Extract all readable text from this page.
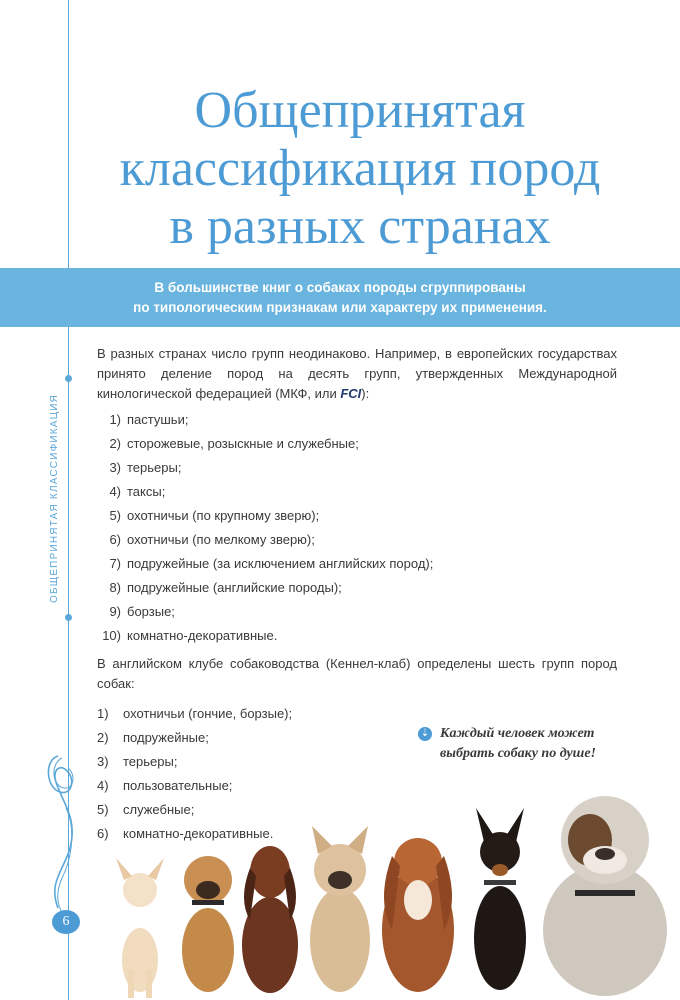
ОБЩЕПРИНЯТАЯ КЛАССИФИКАЦИЯ
Общепринятая
классификация пород
в разных странах
В большинстве книг о собаках породы сгруппированы
по типологическим признакам или характеру их применения.
В разных странах число групп неодинаково. Например, в европейских государствах принято деление пород на десять групп, утвержденных Международной кинологической федерацией (МКФ, или FCI):
1) пастушьи;
2) сторожевые, розыскные и служебные;
3) терьеры;
4) таксы;
5) охотничьи (по крупному зверю);
6) охотничьи (по мелкому зверю);
7) подружейные (за исключением английских пород);
8) подружейные (английские породы);
9) борзые;
10) комнатно-декоративные.
В английском клубе собаководства (Кеннел-клаб) определены шесть групп пород собак:
1)	охотничьи (гончие, борзые);
2)	подружейные;
3)	терьеры;
4)	пользовательные;
5)	служебные;
6)	комнатно-декоративные.
⇣ Каждый человек может выбрать собаку по душе!
6
